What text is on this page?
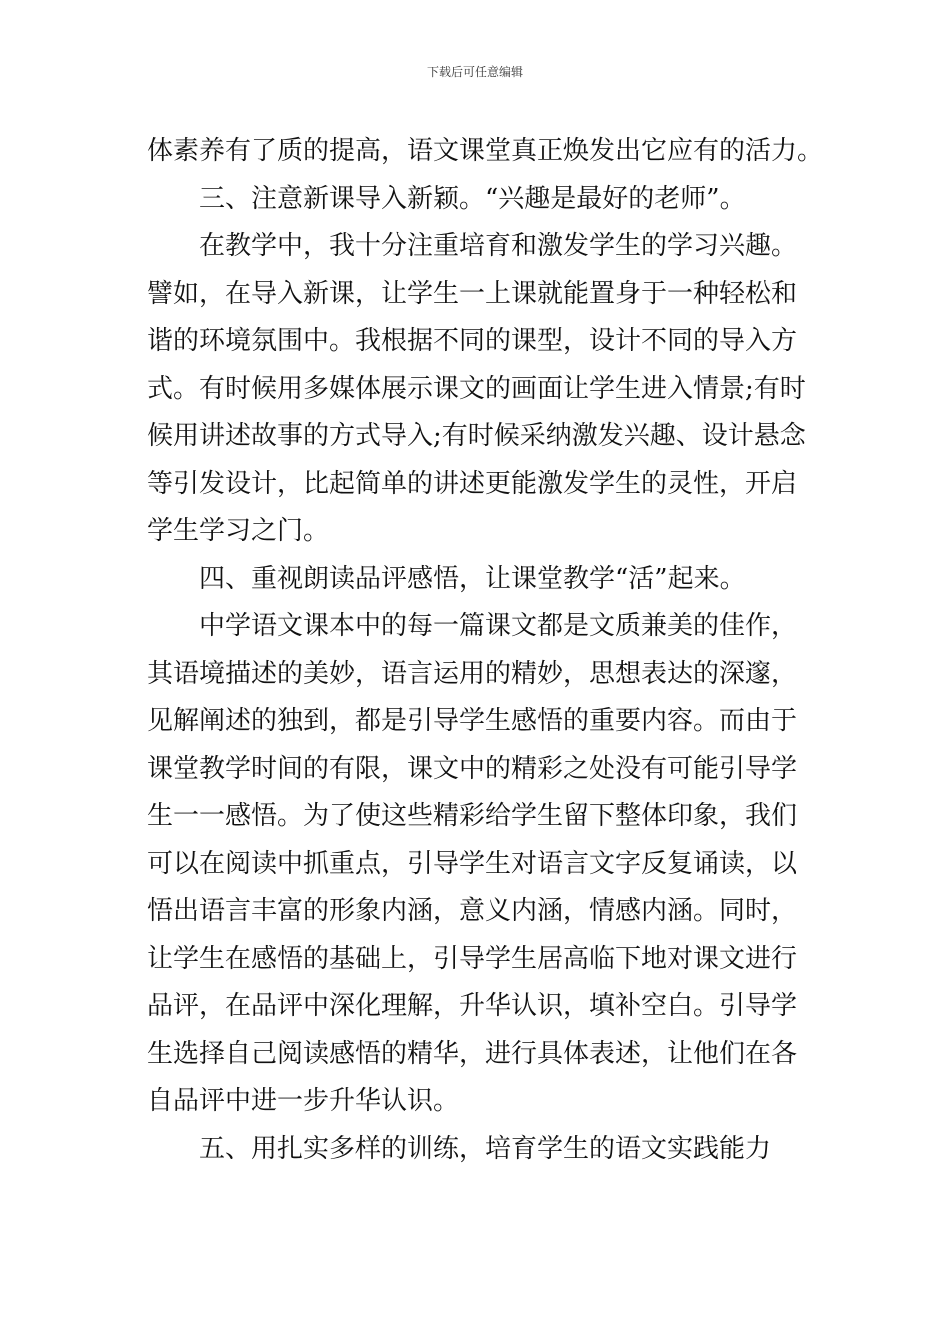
下载后可任意编辑
体素养有了质的提高，语文课堂真正焕发出它应有的活力。
三、注意新课导入新颖。“兴趣是最好的老师”。
在教学中，我十分注重培育和激发学生的学习兴趣。
譬如，在导入新课，让学生一上课就能置身于一种轻松和
谐的环境氛围中。我根据不同的课型，设计不同的导入方
式。有时候用多媒体展示课文的画面让学生进入情景;有时
候用讲述故事的方式导入;有时候采纳激发兴趣、设计悬念
等引发设计，比起简单的讲述更能激发学生的灵性，开启
学生学习之门。
四、重视朗读品评感悟，让课堂教学“活”起来。
中学语文课本中的每一篇课文都是文质兼美的佳作，
其语境描述的美妙，语言运用的精妙，思想表达的深邃，
见解阐述的独到，都是引导学生感悟的重要内容。而由于
课堂教学时间的有限，课文中的精彩之处没有可能引导学
生一一感悟。为了使这些精彩给学生留下整体印象，我们
可以在阅读中抓重点，引导学生对语言文字反复诵读，以
悟出语言丰富的形象内涵，意义内涵，情感内涵。同时，
让学生在感悟的基础上，引导学生居高临下地对课文进行
品评，在品评中深化理解，升华认识，填补空白。引导学
生选择自己阅读感悟的精华，进行具体表述，让他们在各
自品评中进一步升华认识。
五、用扎实多样的训练，培育学生的语文实践能力
